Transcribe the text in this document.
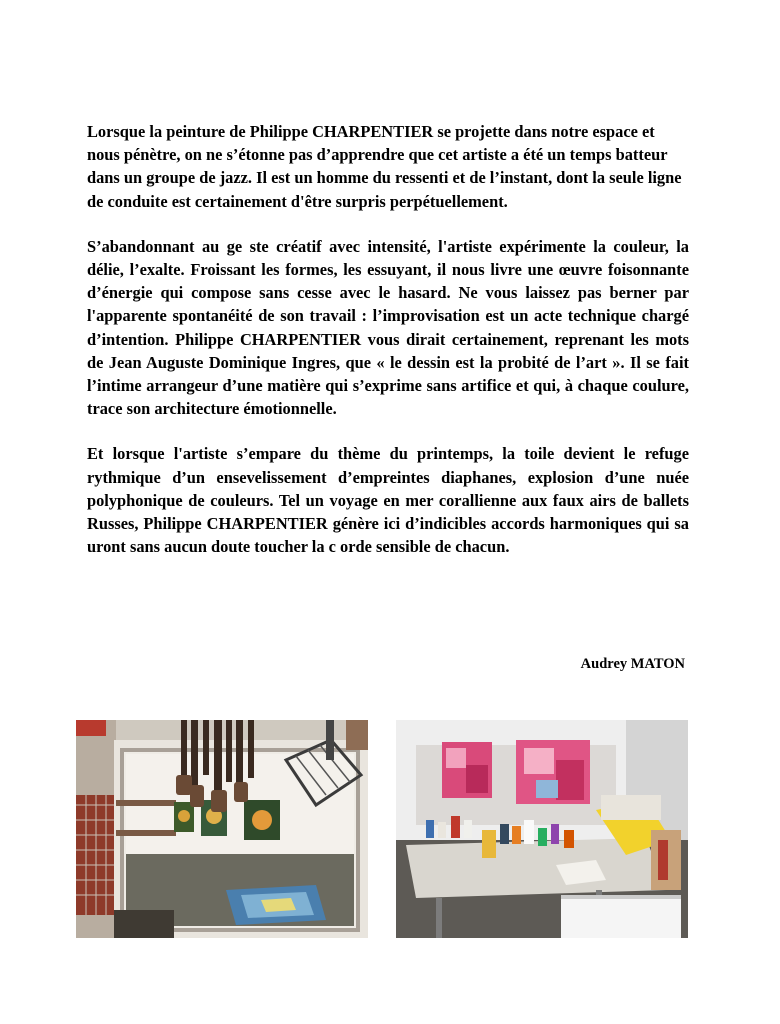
Lorsque la peinture de Philippe CHARPENTIER se projette dans notre espace et nous pénètre, on ne s’étonne pas d’apprendre que cet artiste a été un temps batteur dans un groupe de jazz. Il est un homme du ressenti et de l’instant, dont la seule ligne de conduite est certainement d'être surpris perpétuellement.

S’abandonnant au ge ste créatif avec intensité, l'artiste expérimente la couleur, la délie, l’exalte. Froissant les formes, les essuyant, il nous livre une œuvre foisonnante d’énergie qui compose sans cesse avec le hasard. Ne vous laissez pas berner par l'apparente spontanéité de son travail : l’improvisation est un acte technique chargé d’intention. Philippe CHARPENTIER vous dirait certainement, reprenant les mots de Jean Auguste Dominique Ingres, que « le dessin est la probité de l’art ». Il se fait l’intime arrangeur d’une matière qui s’exprime sans artifice et qui, à chaque coulure, trace son architecture émotionnelle.

Et lorsque l'artiste s’empare du thème du printemps, la toile devient le refuge rythmique d’un ensevelissement d’empreintes diaphanes, explosion d’une nuée polyphonique de couleurs. Tel un voyage en mer corallienne aux faux airs de ballets Russes, Philippe CHARPENTIER génère ici d’indicibles accords harmoniques qui sa uront sans aucun doute toucher la c orde sensible de chacun.

Audrey MATON
